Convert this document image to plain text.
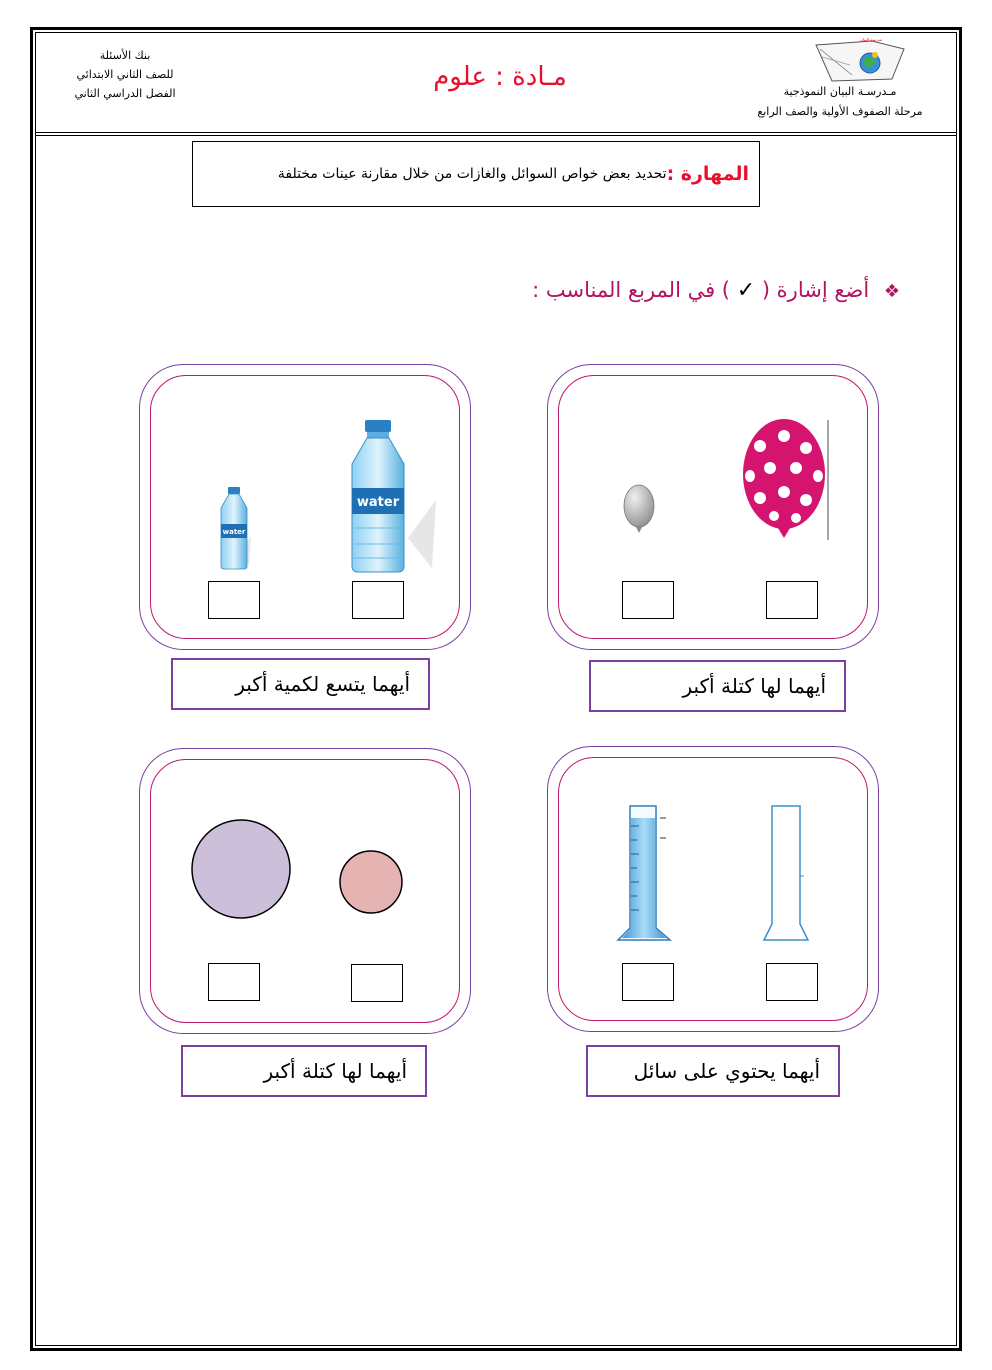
بنك الأسئلة
للصف الثاني الابتدائي
الفصل الدراسي الثاني
مـادة : علوم
مدرسة البيان
مـدرسـة البيان النموذجية
مرحلة الصفوف الأولية والصف الرابع
المهارة :
تحديد بعض خواص السوائل والغازات من خلال مقارنة عينات مختلفة
❖ أضع إشارة ( ✓ ) في المربع المناسب :
أيهما لها كتلة أكبر
water
water
أيهما يتسع لكمية أكبر
أيهما يحتوي على سائل
أيهما لها كتلة أكبر
